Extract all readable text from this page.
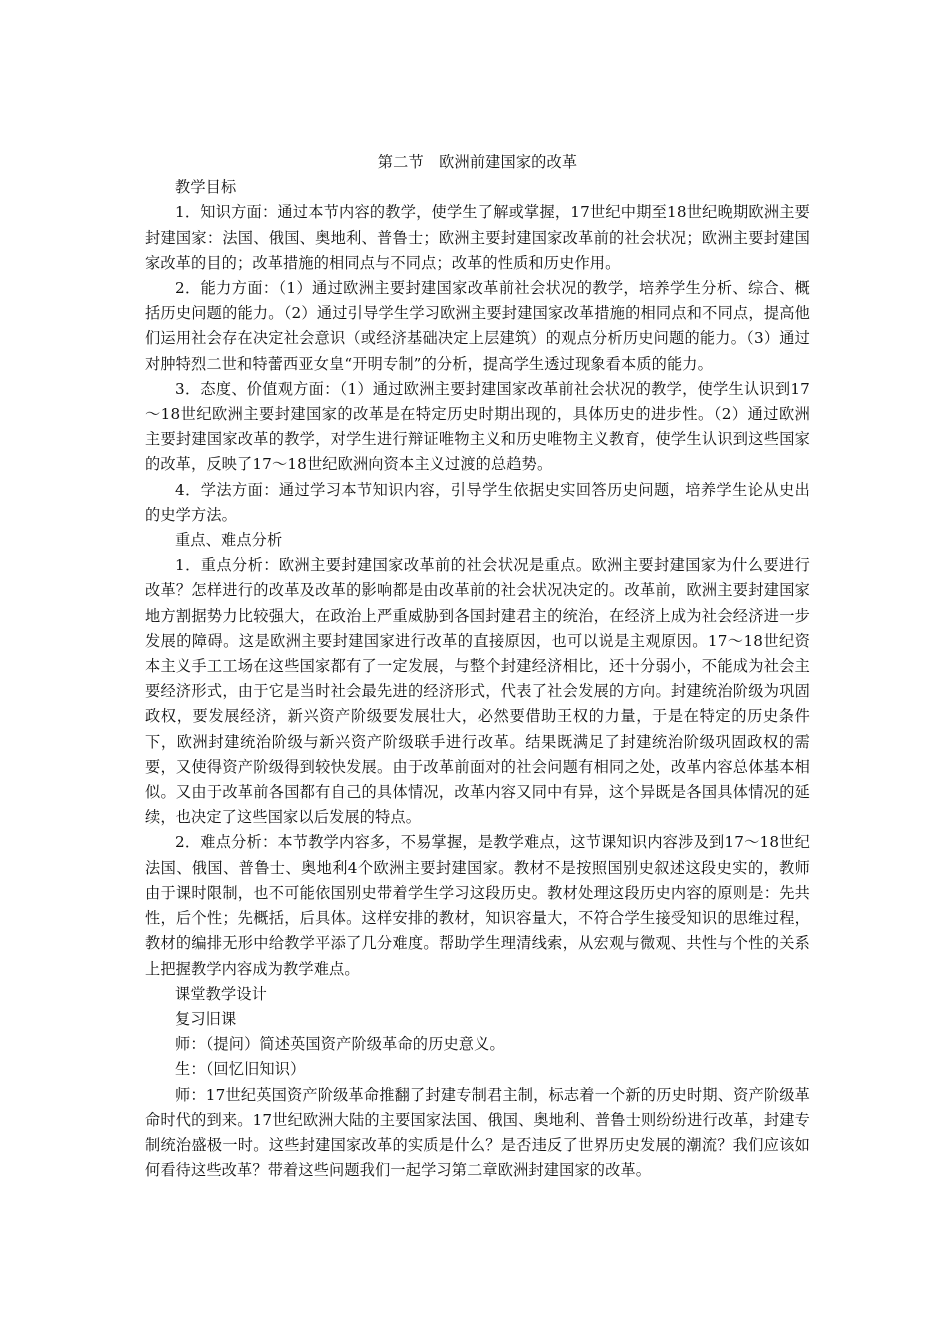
第二节　欧洲前建国家的改革

教学目标

1．知识方面：通过本节内容的教学，使学生了解或掌握，17世纪中期至18世纪晚期欧洲主要封建国家：法国、俄国、奥地利、普鲁士；欧洲主要封建国家改革前的社会状况；欧洲主要封建国家改革的目的；改革措施的相同点与不同点；改革的性质和历史作用。

2．能力方面：（1）通过欧洲主要封建国家改革前社会状况的教学，培养学生分析、综合、概括历史问题的能力。（2）通过引导学生学习欧洲主要封建国家改革措施的相同点和不同点，提高他们运用社会存在决定社会意识（或经济基础决定上层建筑）的观点分析历史问题的能力。（3）通过对肿特烈二世和特蕾西亚女皇“开明专制”的分析，提高学生透过现象看本质的能力。

3．态度、价值观方面：（1）通过欧洲主要封建国家改革前社会状况的教学，使学生认识到17～18世纪欧洲主要封建国家的改革是在特定历史时期出现的，具体历史的进步性。（2）通过欧洲主要封建国家改革的教学，对学生进行辩证唯物主义和历史唯物主义教育，使学生认识到这些国家的改革，反映了17～18世纪欧洲向资本主义过渡的总趋势。

4．学法方面：通过学习本节知识内容，引导学生依据史实回答历史问题，培养学生论从史出的史学方法。

重点、难点分析

1．重点分析：欧洲主要封建国家改革前的社会状况是重点。欧洲主要封建国家为什么要进行改革？怎样进行的改革及改革的影响都是由改革前的社会状况决定的。改革前，欧洲主要封建国家地方割据势力比较强大，在政治上严重威胁到各国封建君主的统治，在经济上成为社会经济进一步发展的障碍。这是欧洲主要封建国家进行改革的直接原因，也可以说是主观原因。17～18世纪资本主义手工工场在这些国家都有了一定发展，与整个封建经济相比，还十分弱小，不能成为社会主要经济形式，由于它是当时社会最先进的经济形式，代表了社会发展的方向。封建统治阶级为巩固政权，要发展经济，新兴资产阶级要发展壮大，必然要借助王权的力量，于是在特定的历史条件下，欧洲封建统治阶级与新兴资产阶级联手进行改革。结果既满足了封建统治阶级巩固政权的需要，又使得资产阶级得到较快发展。由于改革前面对的社会问题有相同之处，改革内容总体基本相似。又由于改革前各国都有自己的具体情况，改革内容又同中有异，这个异既是各国具体情况的延续，也决定了这些国家以后发展的特点。

2．难点分析：本节教学内容多，不易掌握，是教学难点，这节课知识内容涉及到17～18世纪法国、俄国、普鲁士、奥地利4个欧洲主要封建国家。教材不是按照国别史叙述这段史实的，教师由于课时限制，也不可能依国别史带着学生学习这段历史。教材处理这段历史内容的原则是：先共性，后个性；先概括，后具体。这样安排的教材，知识容量大，不符合学生接受知识的思维过程，教材的编排无形中给教学平添了几分难度。帮助学生理清线索，从宏观与微观、共性与个性的关系上把握教学内容成为教学难点。

课堂教学设计

复习旧课

师：（提问）简述英国资产阶级革命的历史意义。

生：（回忆旧知识）

师：17世纪英国资产阶级革命推翻了封建专制君主制，标志着一个新的历史时期、资产阶级革命时代的到来。17世纪欧洲大陆的主要国家法国、俄国、奥地利、普鲁士则纷纷进行改革，封建专制统治盛极一时。这些封建国家改革的实质是什么？是否违反了世界历史发展的潮流？我们应该如何看待这些改革？带着这些问题我们一起学习第二章欧洲封建国家的改革。
